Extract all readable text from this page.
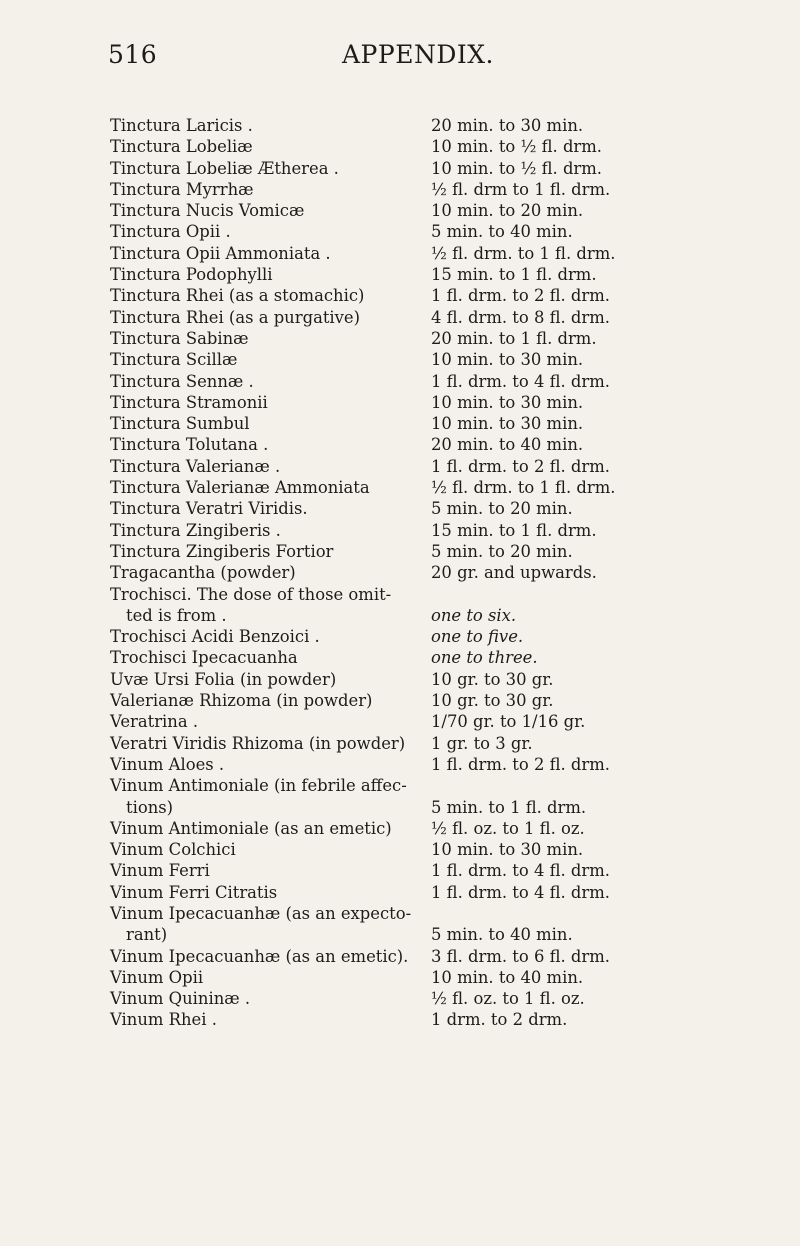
516	APPENDIX.
Tinctura Laricis .	20 min. to 30 min.
Tinctura Lobeliæ	10 min. to ½ fl. drm.
Tinctura Lobeliæ Ætherea .	10 min. to ½ fl. drm.
Tinctura Myrrhæ	½ fl. drm to 1 fl. drm.
Tinctura Nucis Vomicæ	10 min. to 20 min.
Tinctura Opii .	5 min. to 40 min.
Tinctura Opii Ammoniata .	½ fl. drm. to 1 fl. drm.
Tinctura Podophylli	15 min. to 1 fl. drm.
Tinctura Rhei (as a stomachic)	1 fl. drm. to 2 fl. drm.
Tinctura Rhei (as a purgative)	4 fl. drm. to 8 fl. drm.
Tinctura Sabinæ	20 min. to 1 fl. drm.
Tinctura Scillæ	10 min. to 30 min.
Tinctura Sennæ .	1 fl. drm. to 4 fl. drm.
Tinctura Stramonii	10 min. to 30 min.
Tinctura Sumbul	10 min. to 30 min.
Tinctura Tolutana .	20 min. to 40 min.
Tinctura Valerianæ .	1 fl. drm. to 2 fl. drm.
Tinctura Valerianæ Ammoniata	½ fl. drm. to 1 fl. drm.
Tinctura Veratri Viridis.	5 min. to 20 min.
Tinctura Zingiberis .	15 min. to 1 fl. drm.
Tinctura Zingiberis Fortior	5 min. to 20 min.
Tragacantha (powder)	20 gr. and upwards.
Trochisci. The dose of those omit-
ted is from .	one to six.
Trochisci Acidi Benzoici .	one to five.
Trochisci Ipecacuanha	one to three.
Uvæ Ursi Folia (in powder)	10 gr. to 30 gr.
Valerianæ Rhizoma (in powder)	10 gr. to 30 gr.
Veratrina .	1/70 gr. to 1/16 gr.
Veratri Viridis Rhizoma (in powder) 1 gr. to 3 gr.
Vinum Aloes .	1 fl. drm. to 2 fl. drm.
Vinum Antimoniale (in febrile affec-
tions)	5 min. to 1 fl. drm.
Vinum Antimoniale (as an emetic) ½ fl. oz. to 1 fl. oz.
Vinum Colchici	10 min. to 30 min.
Vinum Ferri	1 fl. drm. to 4 fl. drm.
Vinum Ferri Citratis	1 fl. drm. to 4 fl. drm.
Vinum Ipecacuanhæ (as an expecto-
rant)	5 min. to 40 min.
Vinum Ipecacuanhæ (as an emetic). 3 fl. drm. to 6 fl. drm.
Vinum Opii	10 min. to 40 min.
Vinum Quininæ .	½ fl. oz. to 1 fl. oz.
Vinum Rhei .	1 drm. to 2 drm.
